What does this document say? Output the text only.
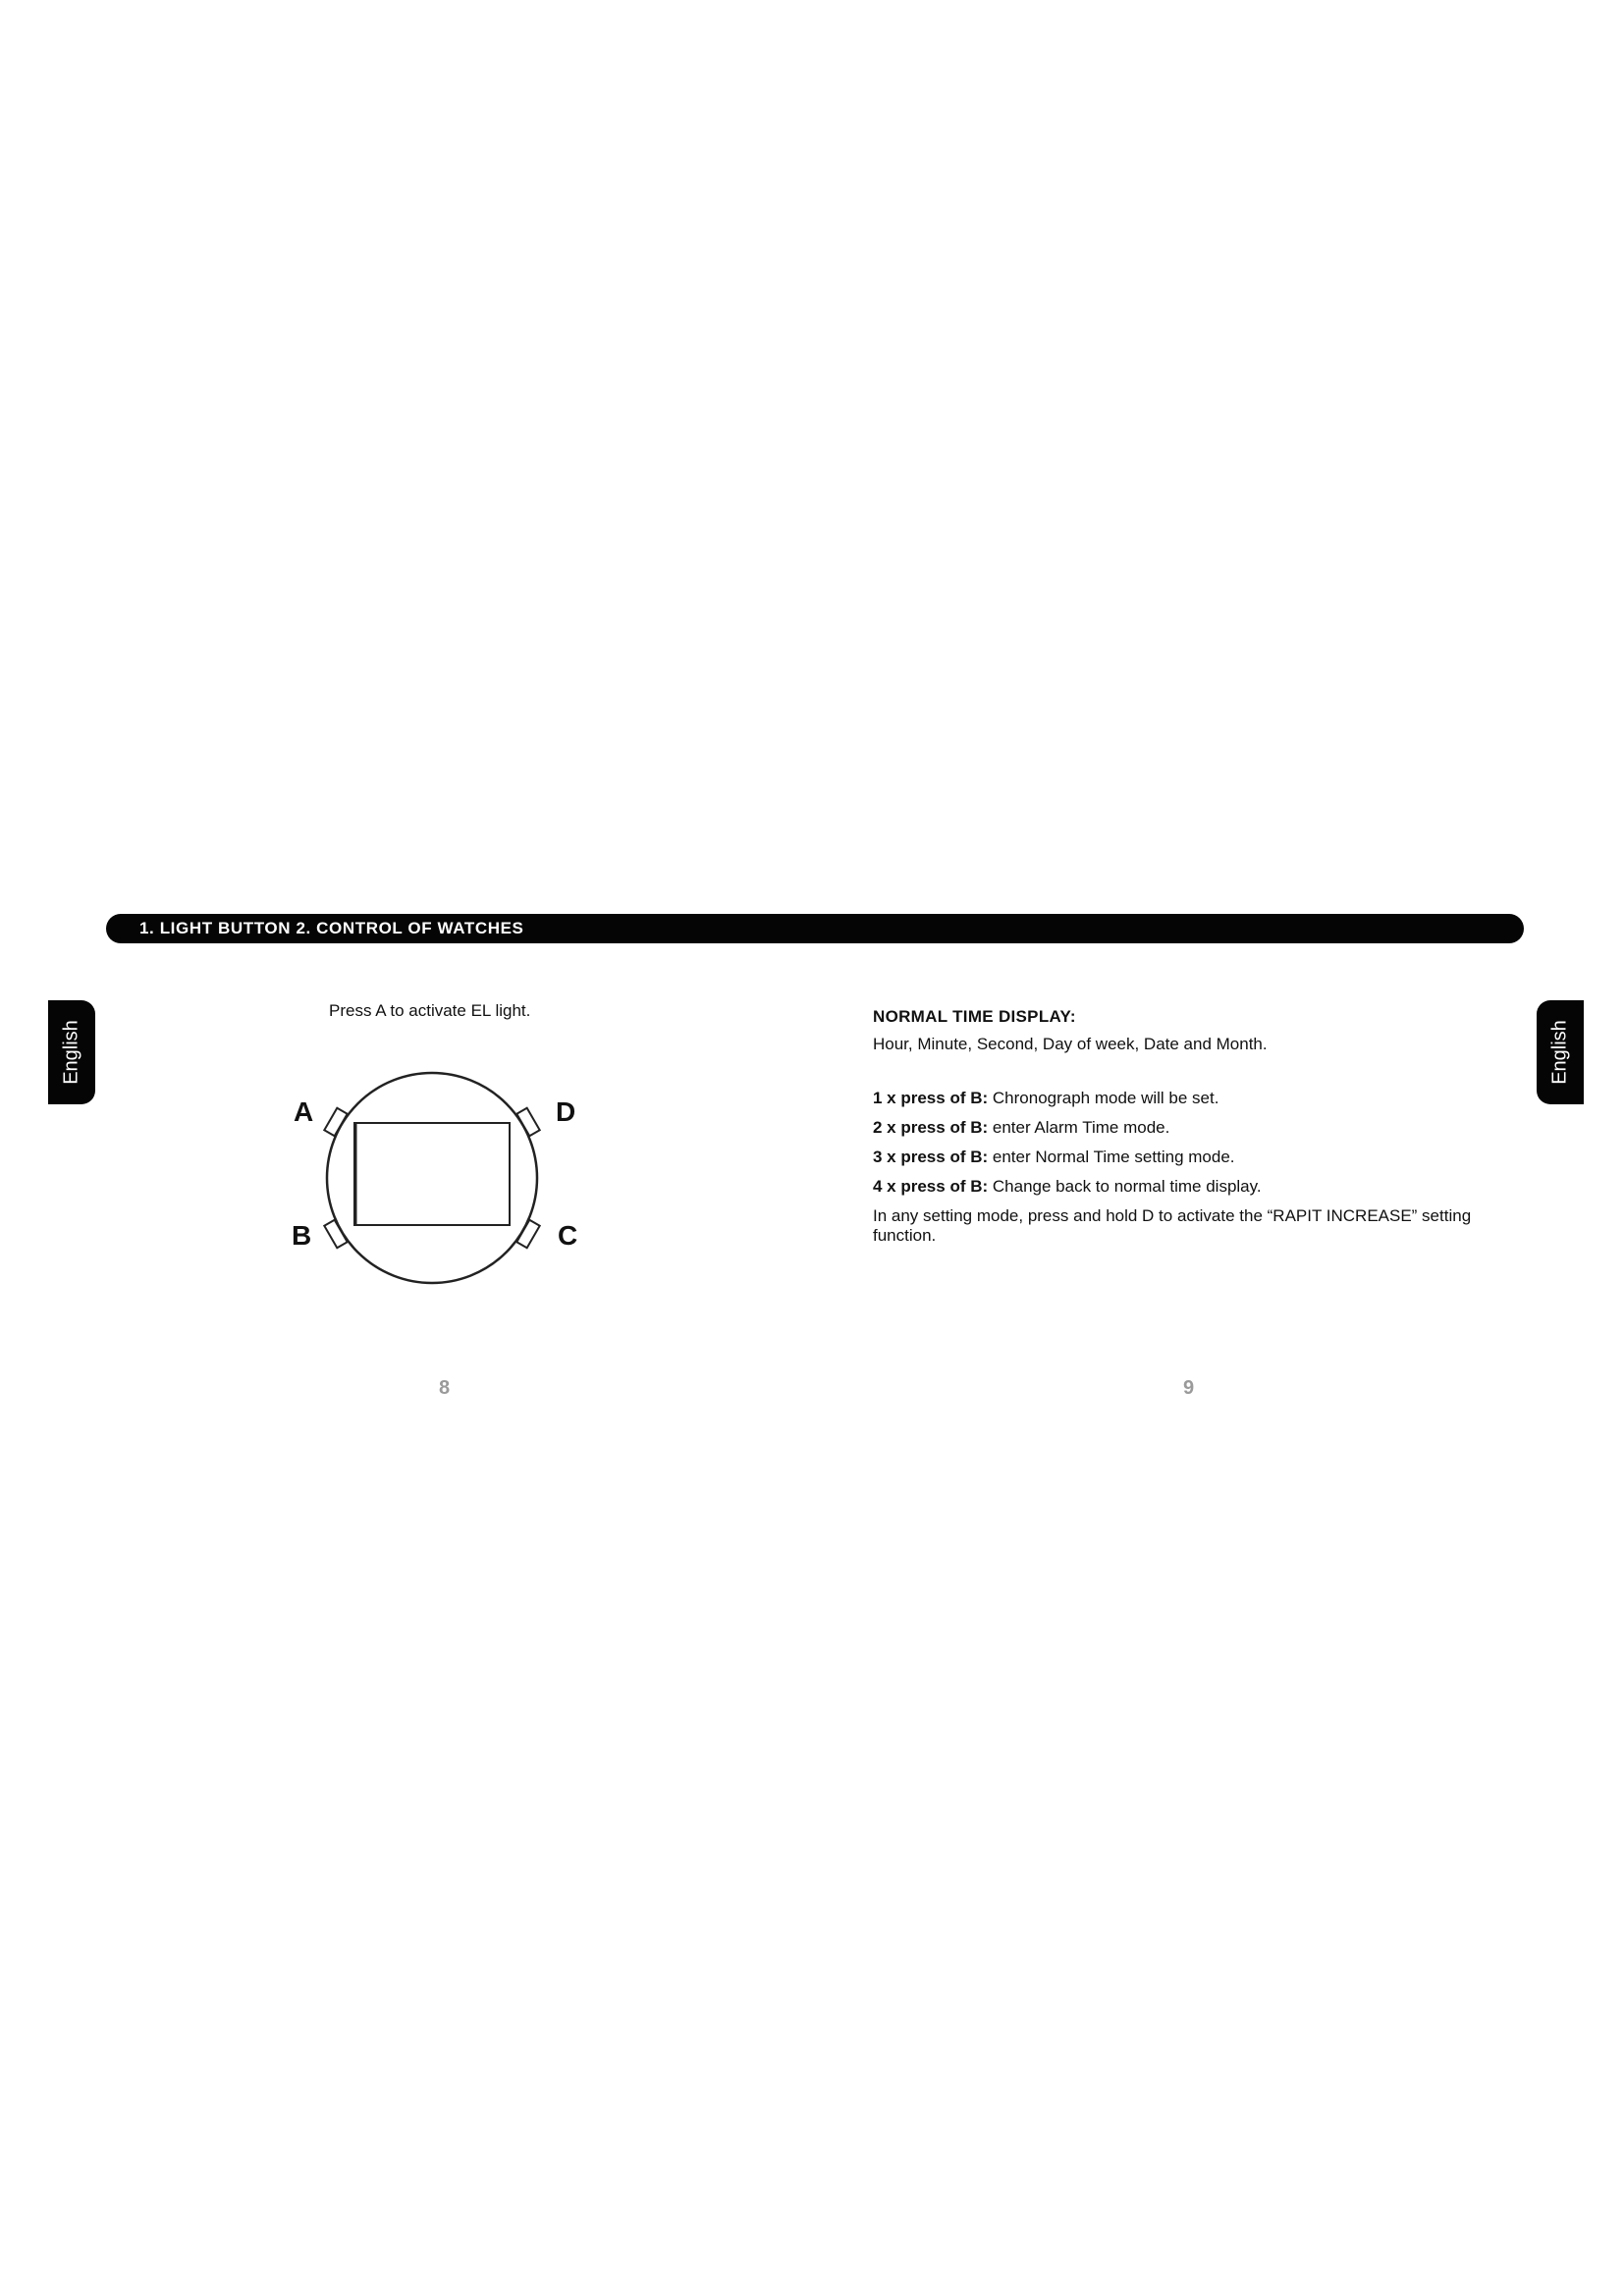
1. LIGHT BUTTON 2. CONTROL OF WATCHES
English	English
Press A to activate EL light.
A	D
B	C

NORMAL TIME DISPLAY:

Hour, Minute, Second, Day of week, Date and Month.

1 x press of B: Chronograph mode will be set.

2 x press of B: enter Alarm Time mode.

3 x press of B: enter Normal Time setting mode.

4 x press of B: Change back to normal time display.

In any setting mode, press and hold D to activate the “RAPIT INCREASE” setting function.

8	9
